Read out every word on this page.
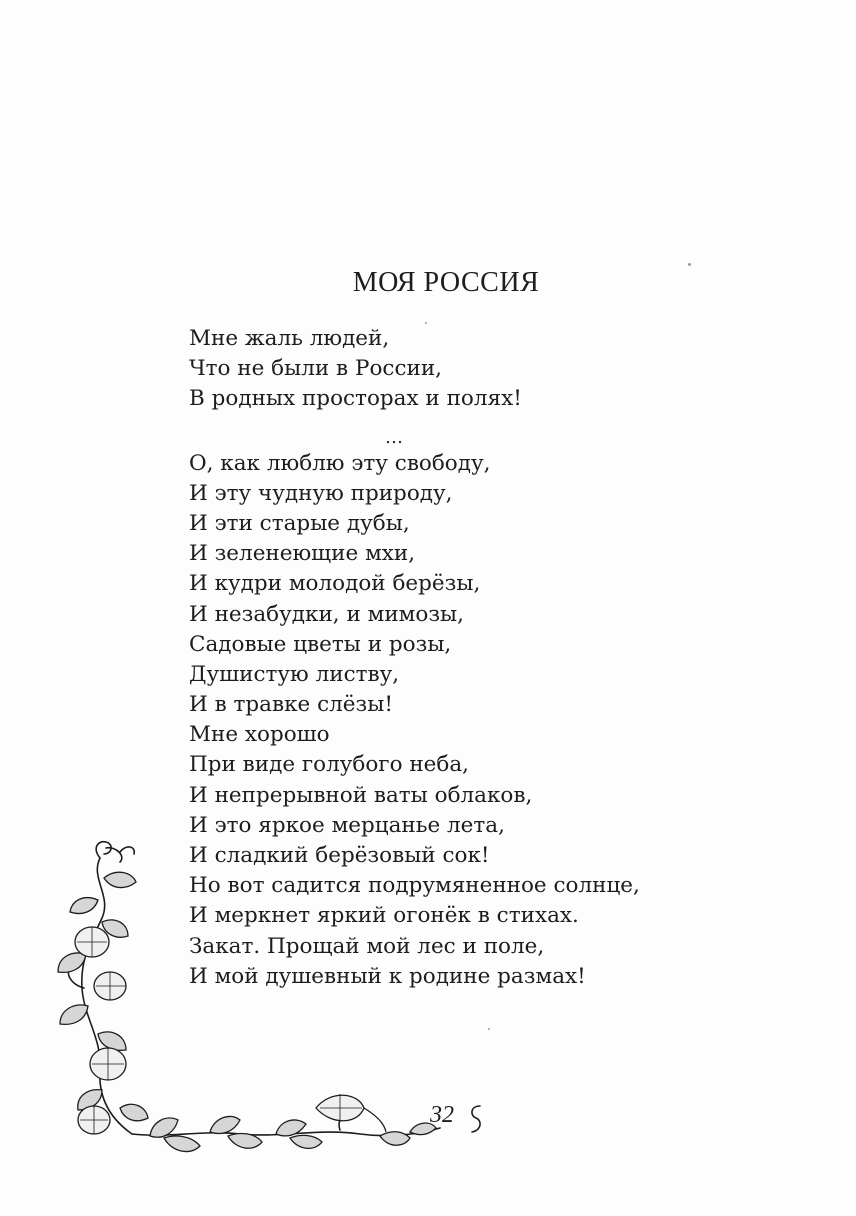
МОЯ РОССИЯ
Мне жаль людей,
Что не были в России,
В родных просторах и полях!
…
О, как люблю эту свободу,
И эту чудную природу,
И эти старые дубы,
И зеленеющие мхи,
И кудри молодой берёзы,
И незабудки, и мимозы,
Садовые цветы и розы,
Душистую листву,
И в травке слёзы!
Мне хорошо
При виде голубого неба,
И непрерывной ваты облаков,
И это яркое мерцанье лета,
И сладкий берёзовый сок!
Но вот садится подрумяненное солнце,
И меркнет яркий огонёк в стихах.
Закат. Прощай мой лес и поле,
И мой душевный к родине размах!
32
